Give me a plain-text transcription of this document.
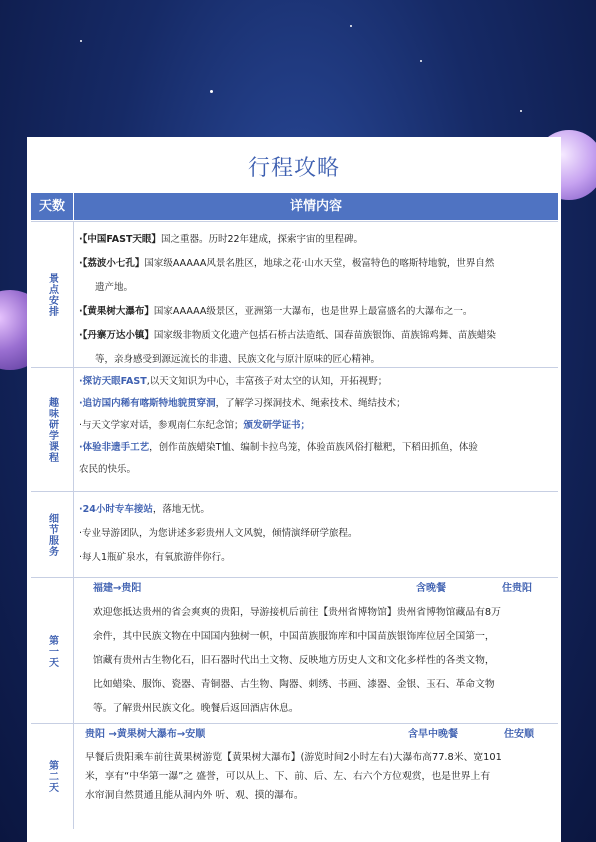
行程攻略
天数	详情内容
景点安排
·【中国FAST天眼】国之重器。历时22年建成，探索宇宙的里程碑。
·【荔波小七孔】国家级AAAAA风景名胜区，地球之花·山水天堂，极富特色的喀斯特地貌，世界自然
遗产地。
·【黄果树大瀑布】国家AAAAA级景区，亚洲第一大瀑布，也是世界上最富盛名的大瀑布之一。
·【丹寨万达小镇】国家级非物质文化遗产包括石桥古法造纸、国春苗族银饰、苗族锦鸡舞、苗族蜡染
等，亲身感受到源远流长的非遗、民族文化与原汁原味的匠心精神。
趣味研学课程
·探访天眼FAST,以天文知识为中心，丰富孩子对太空的认知，开拓视野；
·追访国内稀有喀斯特地貌贯穿洞，了解学习探洞技术、绳索技术、绳结技术；
·与天文学家对话，参观南仁东纪念馆；颁发研学证书；
·体验非遗手工艺，创作苗族蜡染T恤、编制卡拉鸟笼，体验苗族风俗打糍粑，下稻田抓鱼，体验
农民的快乐。
细节服务
·24小时专车接站，落地无忧。
·专业导游团队，为您讲述多彩贵州人文风貌，倾情演绎研学旅程。
·每人1瓶矿泉水，有氧旅游伴你行。
第一天
福建→贵阳	含晚餐	住贵阳
欢迎您抵达贵州的省会爽爽的贵阳，导游接机后前往【贵州省博物馆】贵州省博物馆藏品有8万
余件，其中民族文物在中国国内独树一帜，中国苗族服饰库和中国苗族银饰库位居全国第一，
馆藏有贵州古生物化石，旧石器时代出土文物、反映地方历史人文和文化多样性的各类文物，
比如蜡染、服饰、瓷器、青铜器、古生物、陶器、刺绣、书画、漆器、金银、玉石、革命文物
等。了解贵州民族文化。晚餐后返回酒店休息。
第二天
贵阳 →黄果树大瀑布→安顺	含早中晚餐	住安顺
早餐后贵阳乘车前往黄果树游览【黄果树大瀑布】(游览时间2小时左右)大瀑布高77.8米、宽101
米，享有“中华第一瀑”之 盛誉，可以从上、下、前、后、左、右六个方位观赏，也是世界上有
水帘洞自然贯通且能从洞内外 听、观、摸的瀑布。
